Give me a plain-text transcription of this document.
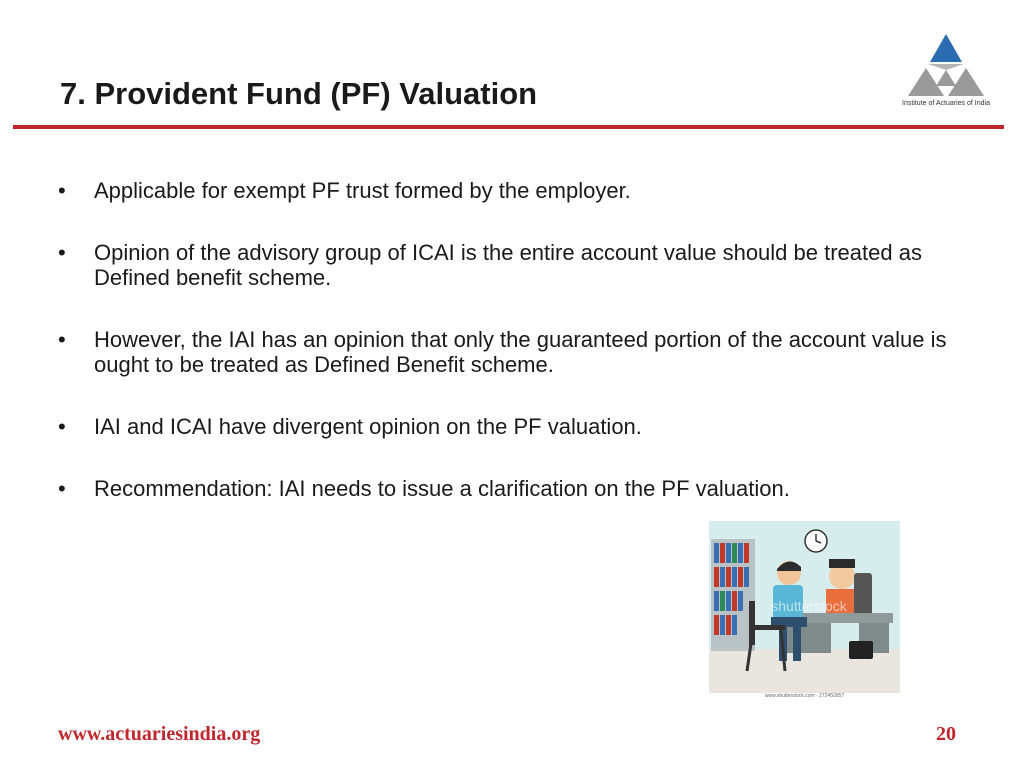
7. Provident Fund (PF) Valuation	Institute of Actuaries of India
• Applicable for exempt PF trust formed by the employer.
• Opinion of the advisory group of ICAI is the entire account value should be treated as Defined benefit scheme.
• However, the IAI has an opinion that only the guaranteed portion of the account value is ought to be treated as Defined Benefit scheme.
• IAI and ICAI have divergent opinion on the PF valuation.
• Recommendation: IAI needs to issue a clarification on the PF valuation.
shutterstock
www.shutterstock.com · 272450957
www.actuariesindia.org	20
